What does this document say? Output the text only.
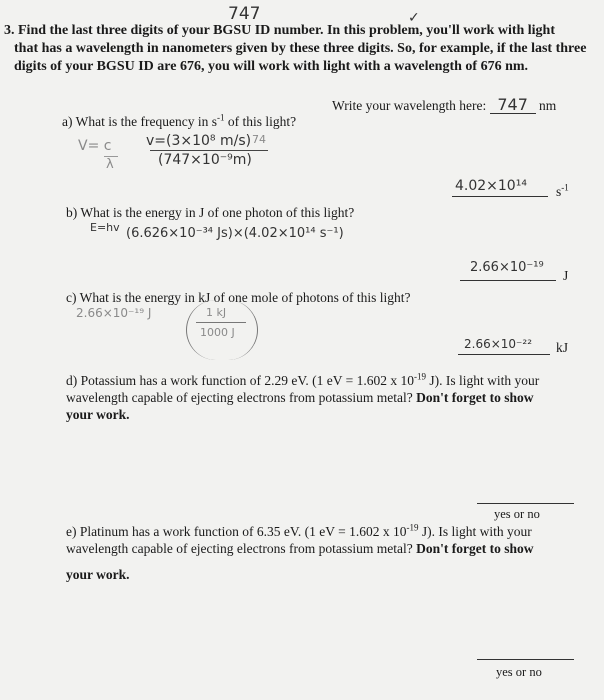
747	✓
3. Find the last three digits of your BGSU ID number. In this problem, you'll work with light
that has a wavelength in nanometers given by these three digits. So, for example, if the last three
digits of your BGSU ID are 676, you will work with light with a wavelength of 676 nm.
Write your wavelength here: 747 nm
a) What is the frequency in $s^{-1}$ of this light?
V= c
λ
v=(3×10⁸ m/s) 74
(747×10⁻⁹m)
4.02×10¹⁴ $s^{-1}$
b) What is the energy in J of one photon of this light?
E=hv (6.626×10⁻³⁴ Js)×(4.02×10¹⁴ s⁻¹)
2.66×10⁻¹⁹
J
c) What is the energy in kJ of one mole of photons of this light?
2.66×10⁻¹⁹ J	1 kJ
1000 J
2.66×10⁻²² kJ
d) Potassium has a work function of 2.29 eV. (1 eV = 1.602 x $10^{-19}$ J). Is light with your
wavelength capable of ejecting electrons from potassium metal? Don't forget to show
your work.
yes or no
e) Platinum has a work function of 6.35 eV. (1 eV = 1.602 x $10^{-19}$ J). Is light with your
wavelength capable of ejecting electrons from potassium metal? Don't forget to show
your work.
yes or no
